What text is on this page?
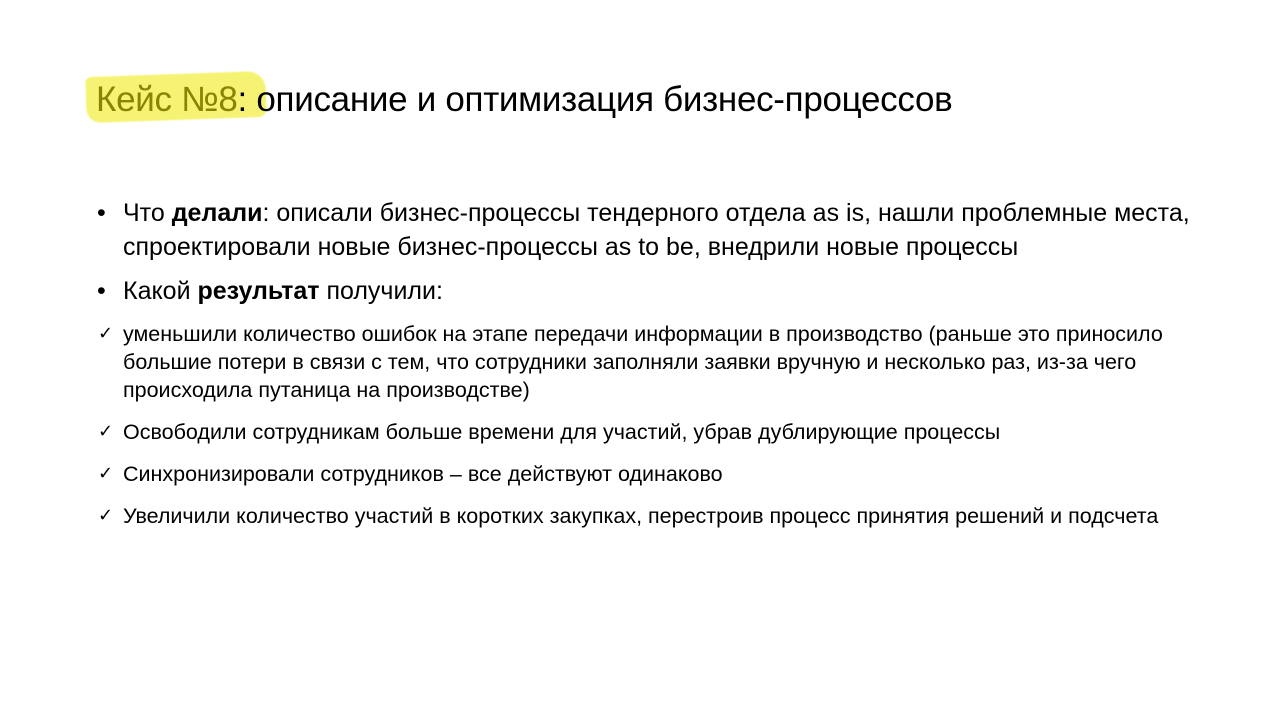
Кейс №8: описание и оптимизация бизнес-процессов

• Что делали: описали бизнес-процессы тендерного отдела as is, нашли проблемные места, спроектировали новые бизнес-процессы as to be, внедрили новые процессы

• Какой результат получили:

✓ уменьшили количество ошибок на этапе передачи информации в производство (раньше это приносило большие потери в связи с тем, что сотрудники заполняли заявки вручную и несколько раз, из-за чего происходила путаница на производстве)

✓ Освободили сотрудникам больше времени для участий, убрав дублирующие процессы

✓ Синхронизировали сотрудников – все действуют одинаково

✓ Увеличили количество участий в коротких закупках, перестроив процесс принятия решений и подсчета
